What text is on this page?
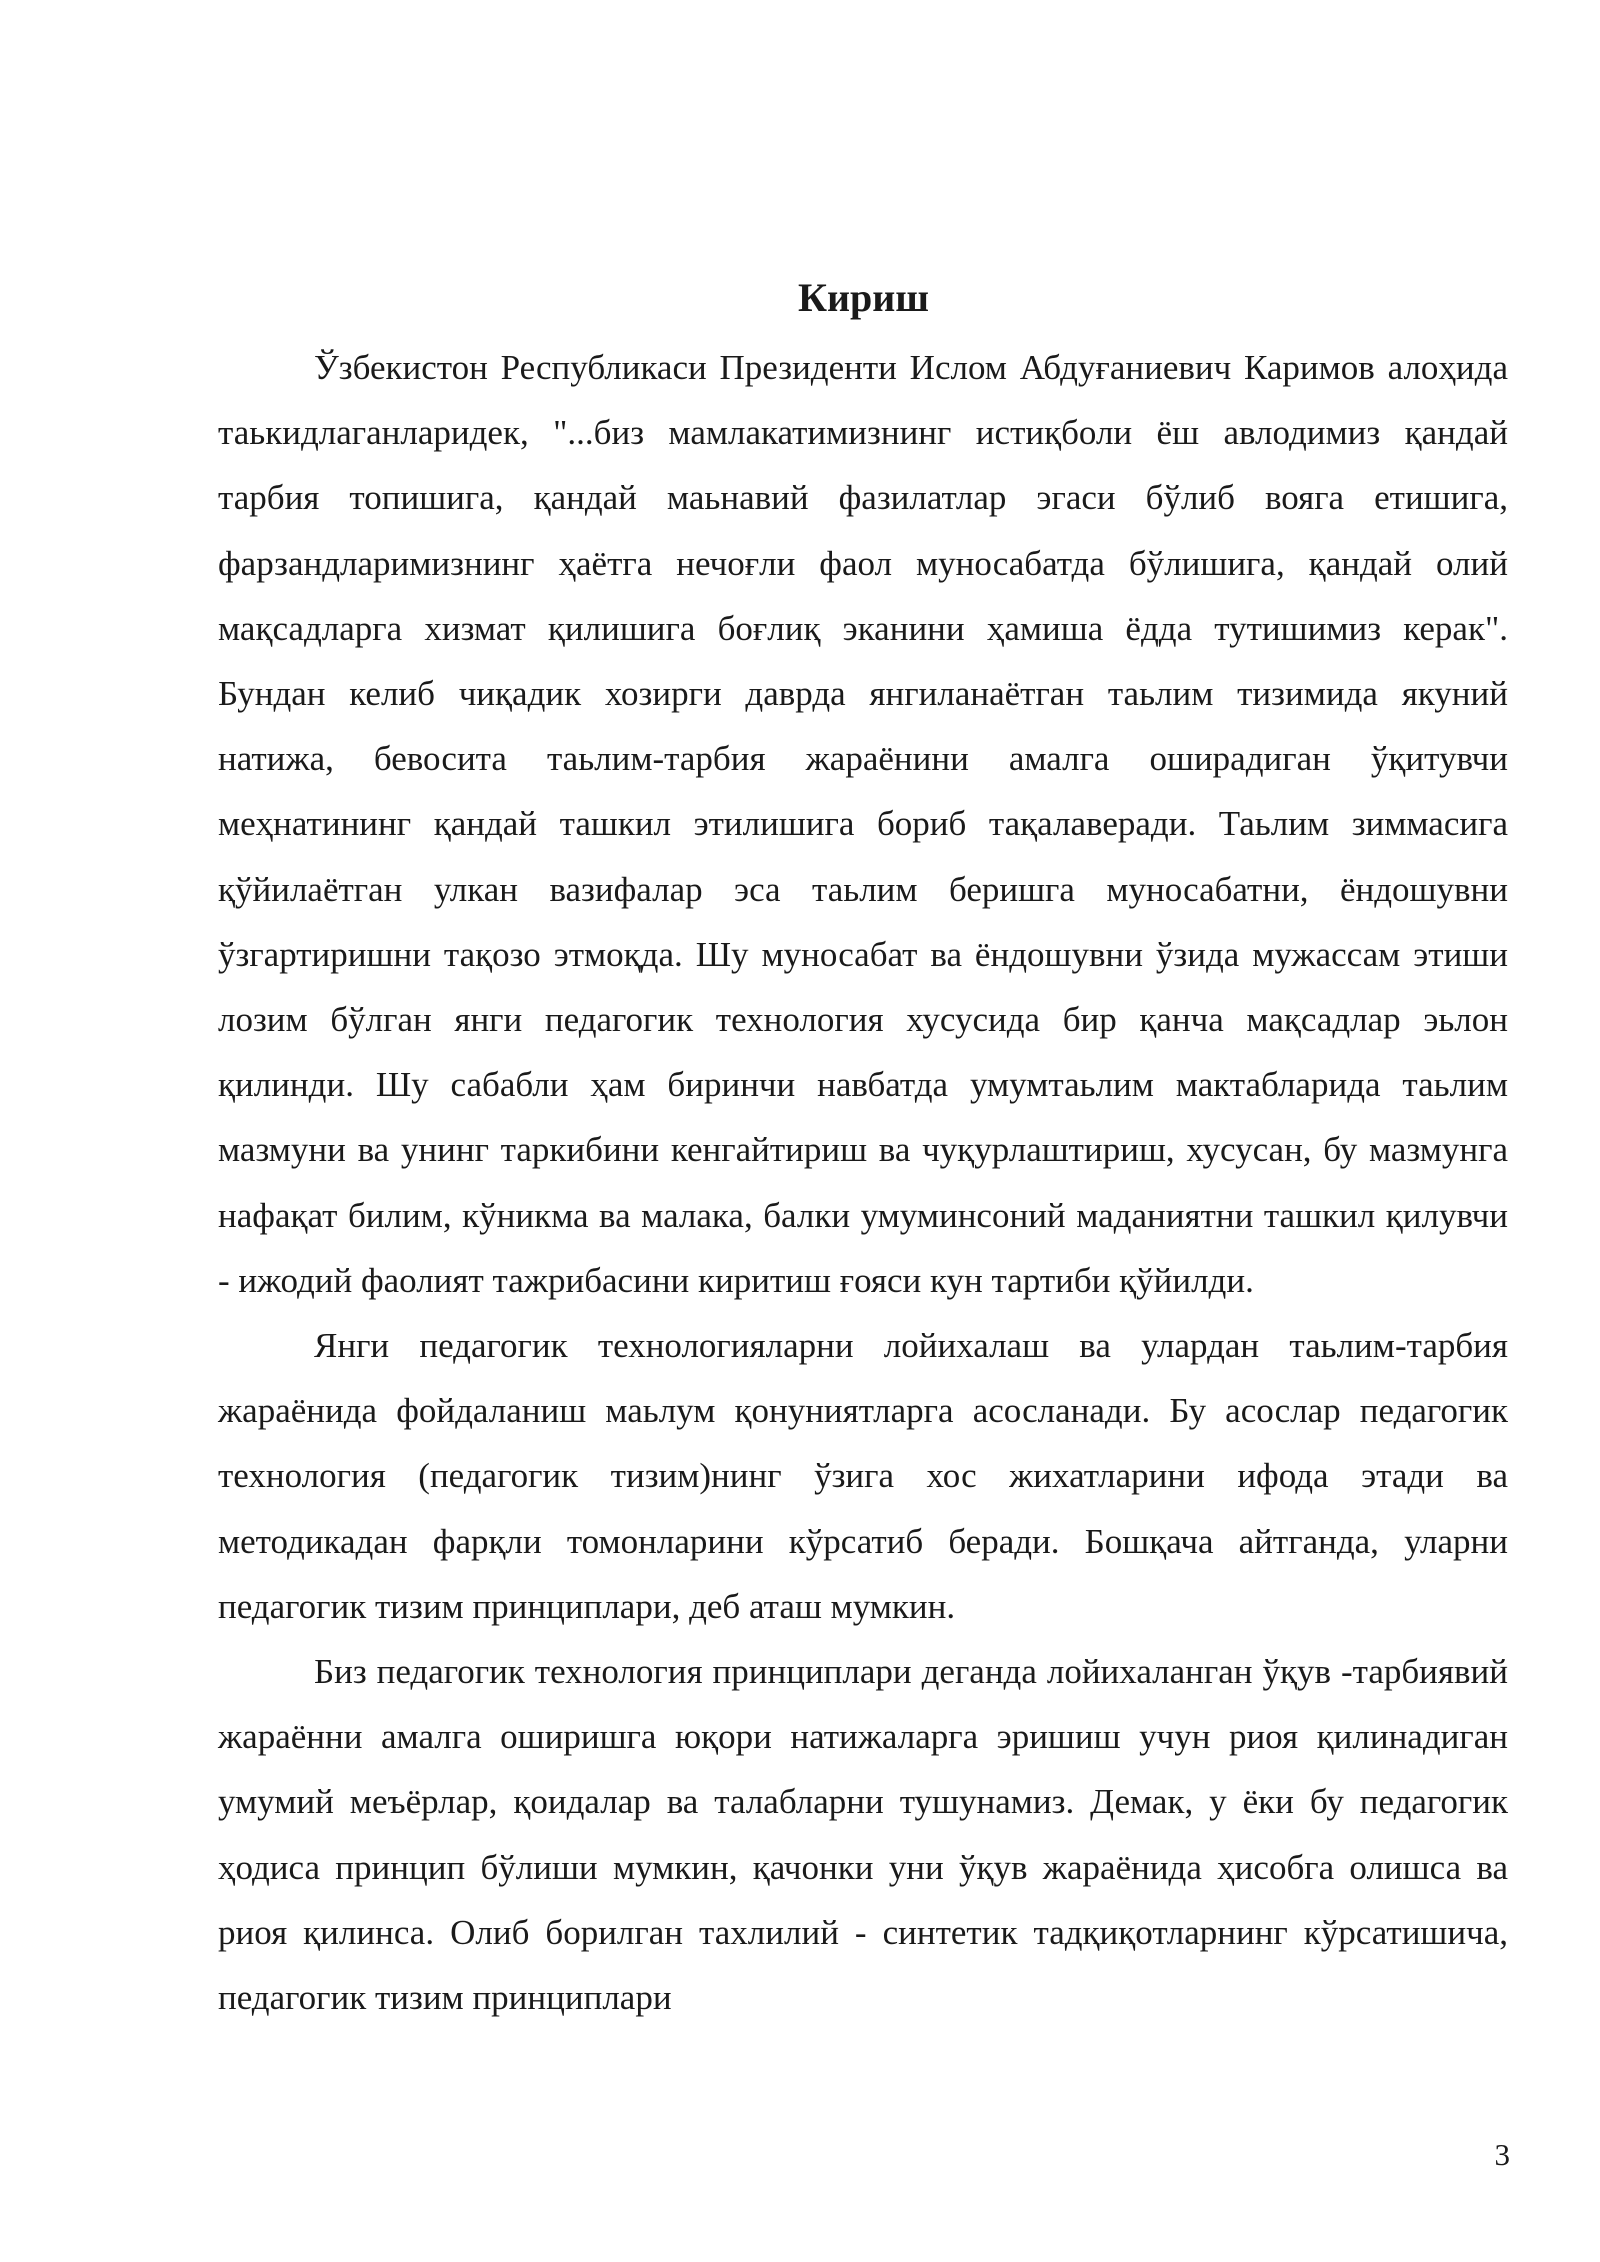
Кириш

Ўзбекистон Республикаси Президенти Ислом Абдуғаниевич Каримов алоҳида таькидлаганларидек, "...биз мамлакатимизнинг истиқболи ёш авлодимиз қандай тарбия топишига, қандай маьнавий фазилатлар эгаси бўлиб вояга етишига, фарзандларимизнинг ҳаётга нечоғли фаол муносабатда бўлишига, қандай олий мақсадларга хизмат қилишига боғлиқ эканини ҳамиша ёдда тутишимиз керак". Бундан келиб чиқадик хозирги даврда янгиланаётган таьлим тизимида якуний натижа, бевосита таьлим-тарбия жараёнини амалга оширадиган ўқитувчи меҳнатининг қандай ташкил этилишига бориб тақалаверади. Таьлим зиммасига қўйилаётган улкан вазифалар эса таьлим беришга муносабатни, ёндошувни ўзгартиришни тақозо этмоқда. Шу муносабат ва ёндошувни ўзида мужассам этиши лозим бўлган янги педагогик технология хусусида бир қанча мақсадлар эьлон қилинди. Шу сабабли ҳам биринчи навбатда умумтаьлим мактабларида таьлим мазмуни ва унинг таркибини кенгайтириш ва чуқурлаштириш, хусусан, бу мазмунга нафақат билим, кўникма ва малака, балки умуминсоний маданиятни ташкил қилувчи - ижодий фаолият тажрибасини киритиш ғояси кун тартиби қўйилди.

Янги педагогик технологияларни лойихалаш ва улардан таьлим-тарбия жараёнида фойдаланиш маьлум қонуниятларга асосланади. Бу асослар педагогик технология (педагогик тизим)нинг ўзига хос жихатларини ифода этади ва методикадан фарқли томонларини кўрсатиб беради. Бошқача айтганда, уларни педагогик тизим принциплари, деб аташ мумкин.

Биз педагогик технология принциплари деганда лойихаланган ўқув -тарбиявий жараённи амалга оширишга юқори натижаларга эришиш учун риоя қилинадиган умумий меъёрлар, қоидалар ва талабларни тушунамиз. Демак, у ёки бу педагогик ҳодиса принцип бўлиши мумкин, қачонки уни ўқув жараёнида ҳисобга олишса ва риоя қилинса. Олиб борилган тахлилий - синтетик тадқиқотларнинг кўрсатишича, педагогик тизим принциплари

3
